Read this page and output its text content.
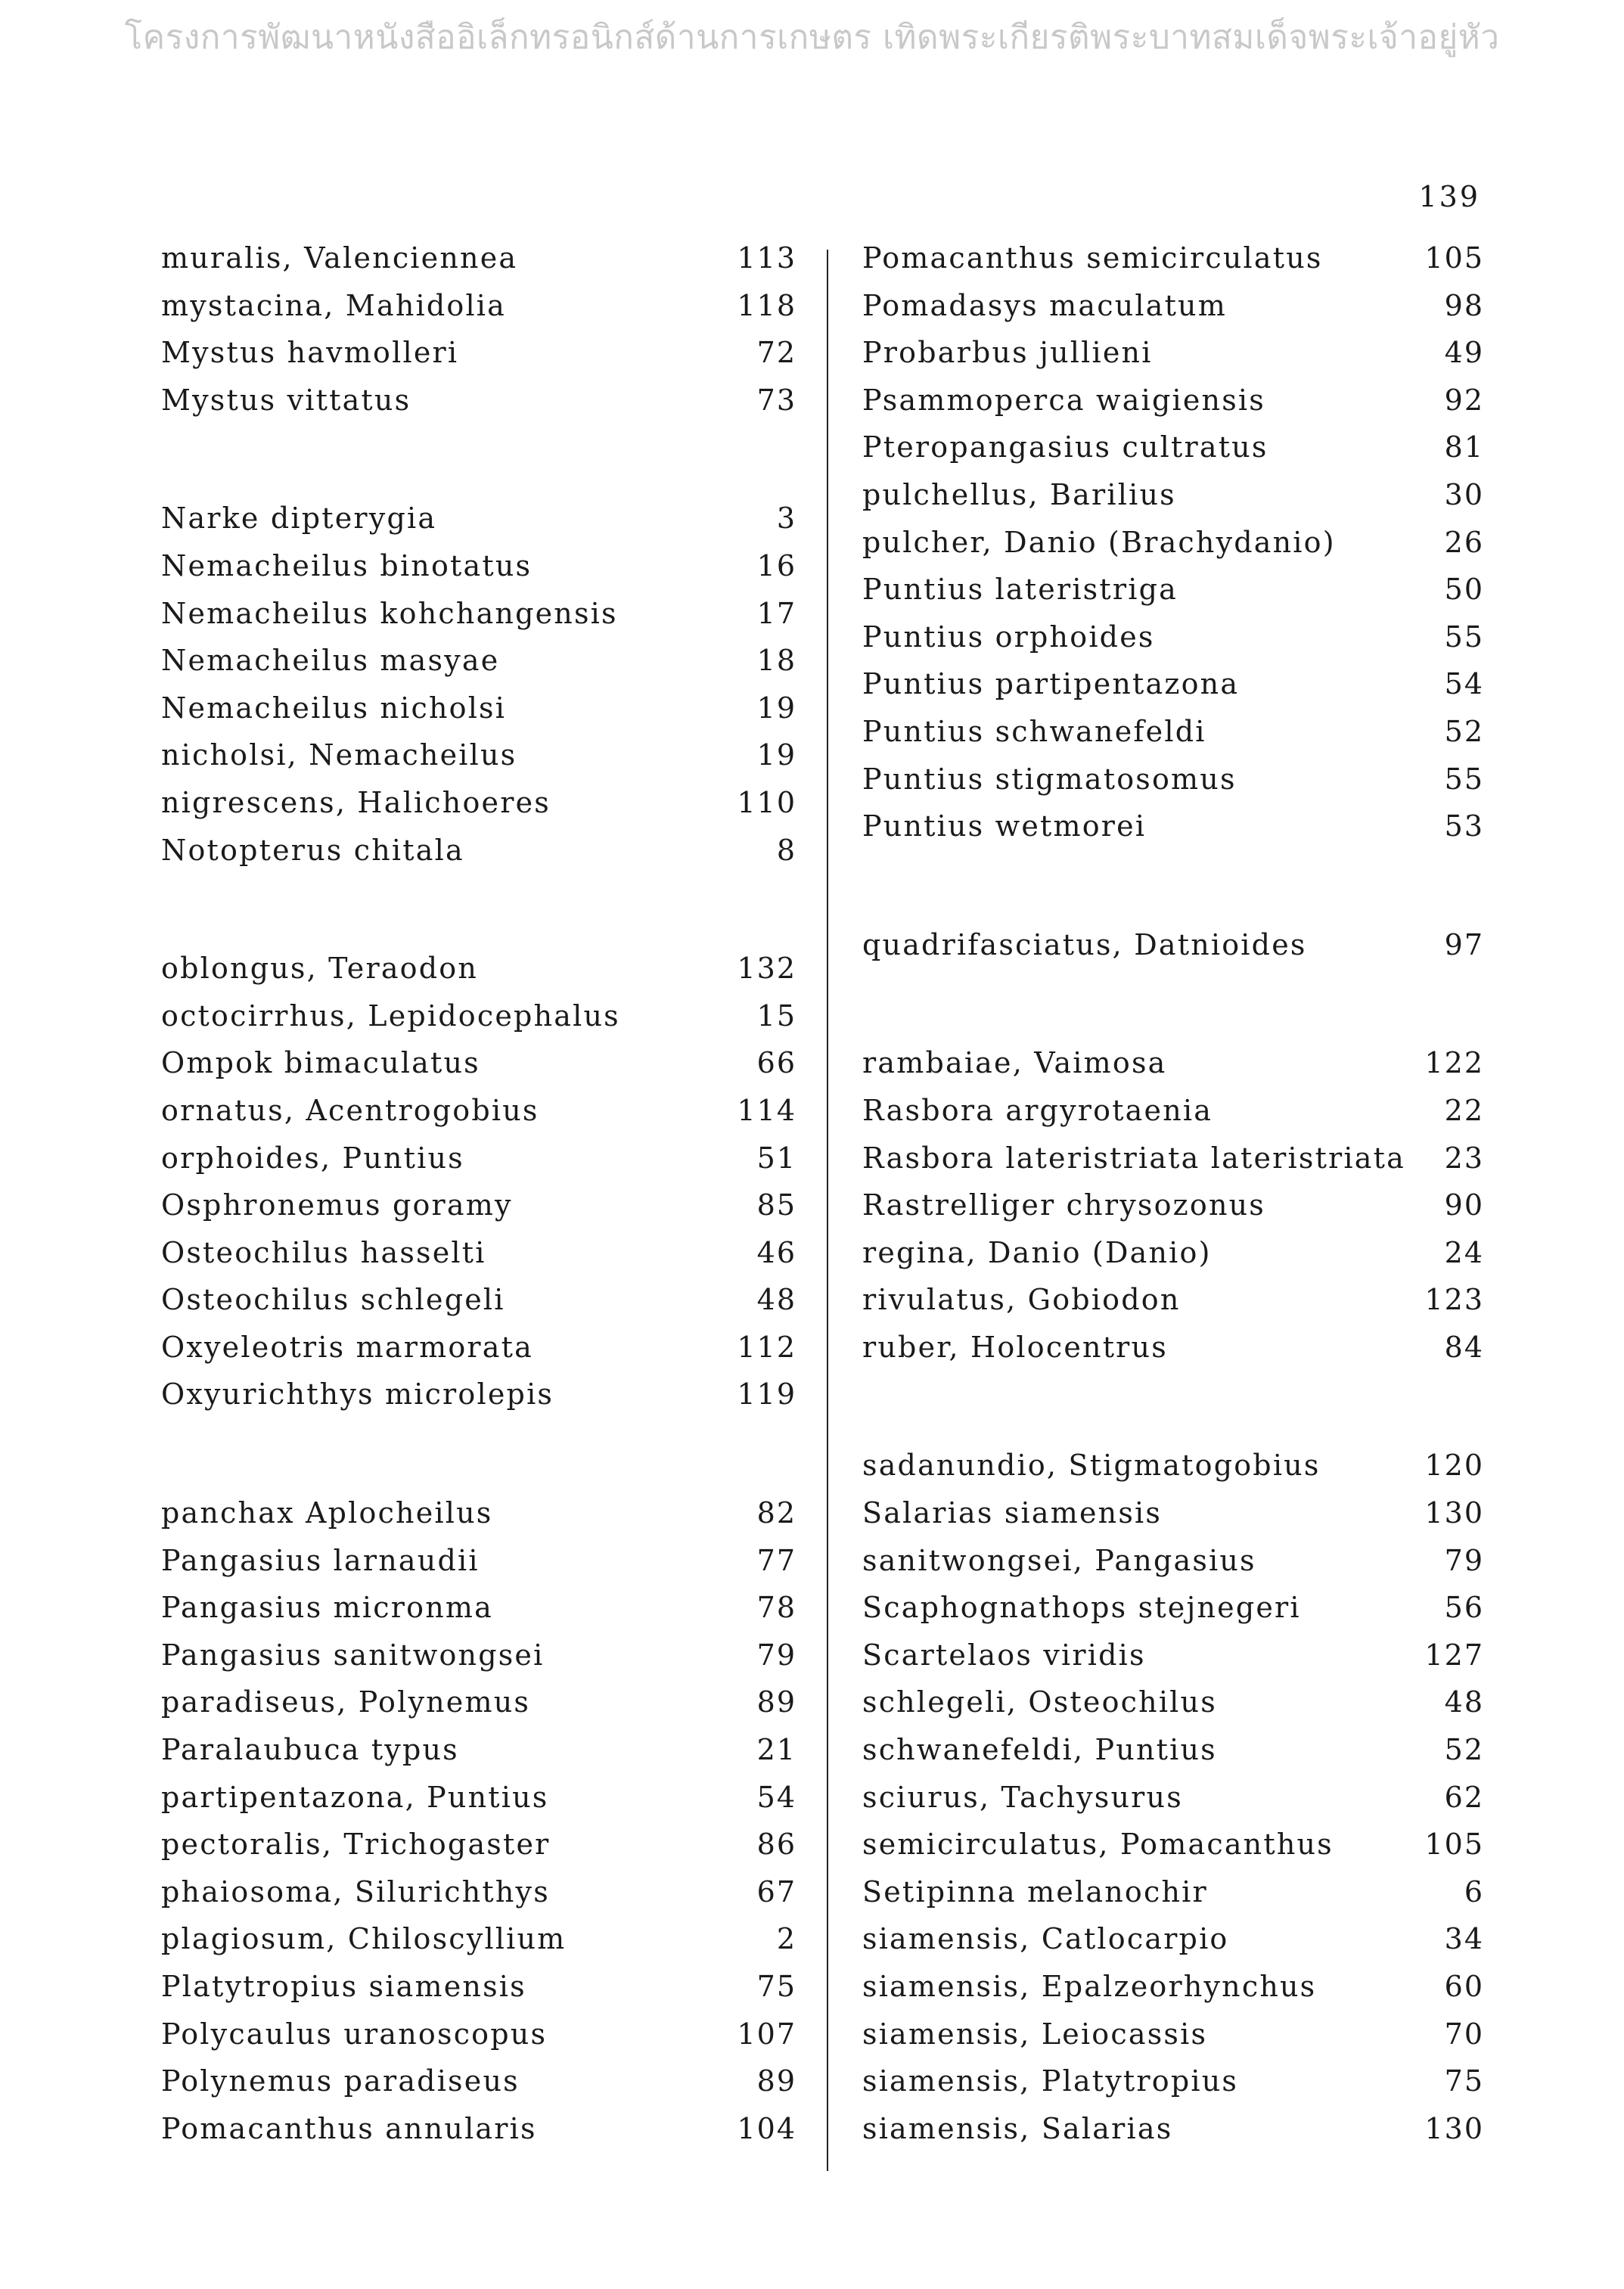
โครงการพัฒนาหนังสืออิเล็กทรอนิกส์ด้านการเกษตร เทิดพระเกียรติพระบาทสมเด็จพระเจ้าอยู่หัว
139
muralis, Valenciennea	113
mystacina, Mahidolia	118
Mystus havmolleri	72
Mystus vittatus	73
Narke dipterygia	3
Nemacheilus binotatus	16
Nemacheilus kohchangensis	17
Nemacheilus masyae	18
Nemacheilus nicholsi	19
nicholsi, Nemacheilus	19
nigrescens, Halichoeres	110
Notopterus chitala	8
oblongus, Teraodon	132
octocirrhus, Lepidocephalus	15
Ompok bimaculatus	66
ornatus, Acentrogobius	114
orphoides, Puntius	51
Osphronemus goramy	85
Osteochilus hasselti	46
Osteochilus schlegeli	48
Oxyeleotris marmorata	112
Oxyurichthys microlepis	119
panchax Aplocheilus	82
Pangasius larnaudii	77
Pangasius micronma	78
Pangasius sanitwongsei	79
paradiseus, Polynemus	89
Paralaubuca typus	21
partipentazona, Puntius	54
pectoralis, Trichogaster	86
phaiosoma, Silurichthys	67
plagiosum, Chiloscyllium	2
Platytropius siamensis	75
Polycaulus uranoscopus	107
Polynemus paradiseus	89
Pomacanthus annularis	104
Pomacanthus semicirculatus	105
Pomadasys maculatum	98
Probarbus jullieni	49
Psammoperca waigiensis	92
Pteropangasius cultratus	81
pulchellus, Barilius	30
pulcher, Danio (Brachydanio)	26
Puntius lateristriga	50
Puntius orphoides	55
Puntius partipentazona	54
Puntius schwanefeldi	52
Puntius stigmatosomus	55
Puntius wetmorei	53
quadrifasciatus, Datnioides	97
rambaiae, Vaimosa	122
Rasbora argyrotaenia	22
Rasbora lateristriata lateristriata 23
Rastrelliger chrysozonus	90
regina, Danio (Danio)	24
rivulatus, Gobiodon	123
ruber, Holocentrus	84
sadanundio, Stigmatogobius	120
Salarias siamensis	130
sanitwongsei, Pangasius	79
Scaphognathops stejnegeri	56
Scartelaos viridis	127
schlegeli, Osteochilus	48
schwanefeldi, Puntius	52
sciurus, Tachysurus	62
semicirculatus, Pomacanthus	105
Setipinna melanochir	6
siamensis, Catlocarpio	34
siamensis, Epalzeorhynchus	60
siamensis, Leiocassis	70
siamensis, Platytropius	75
siamensis, Salarias	130
